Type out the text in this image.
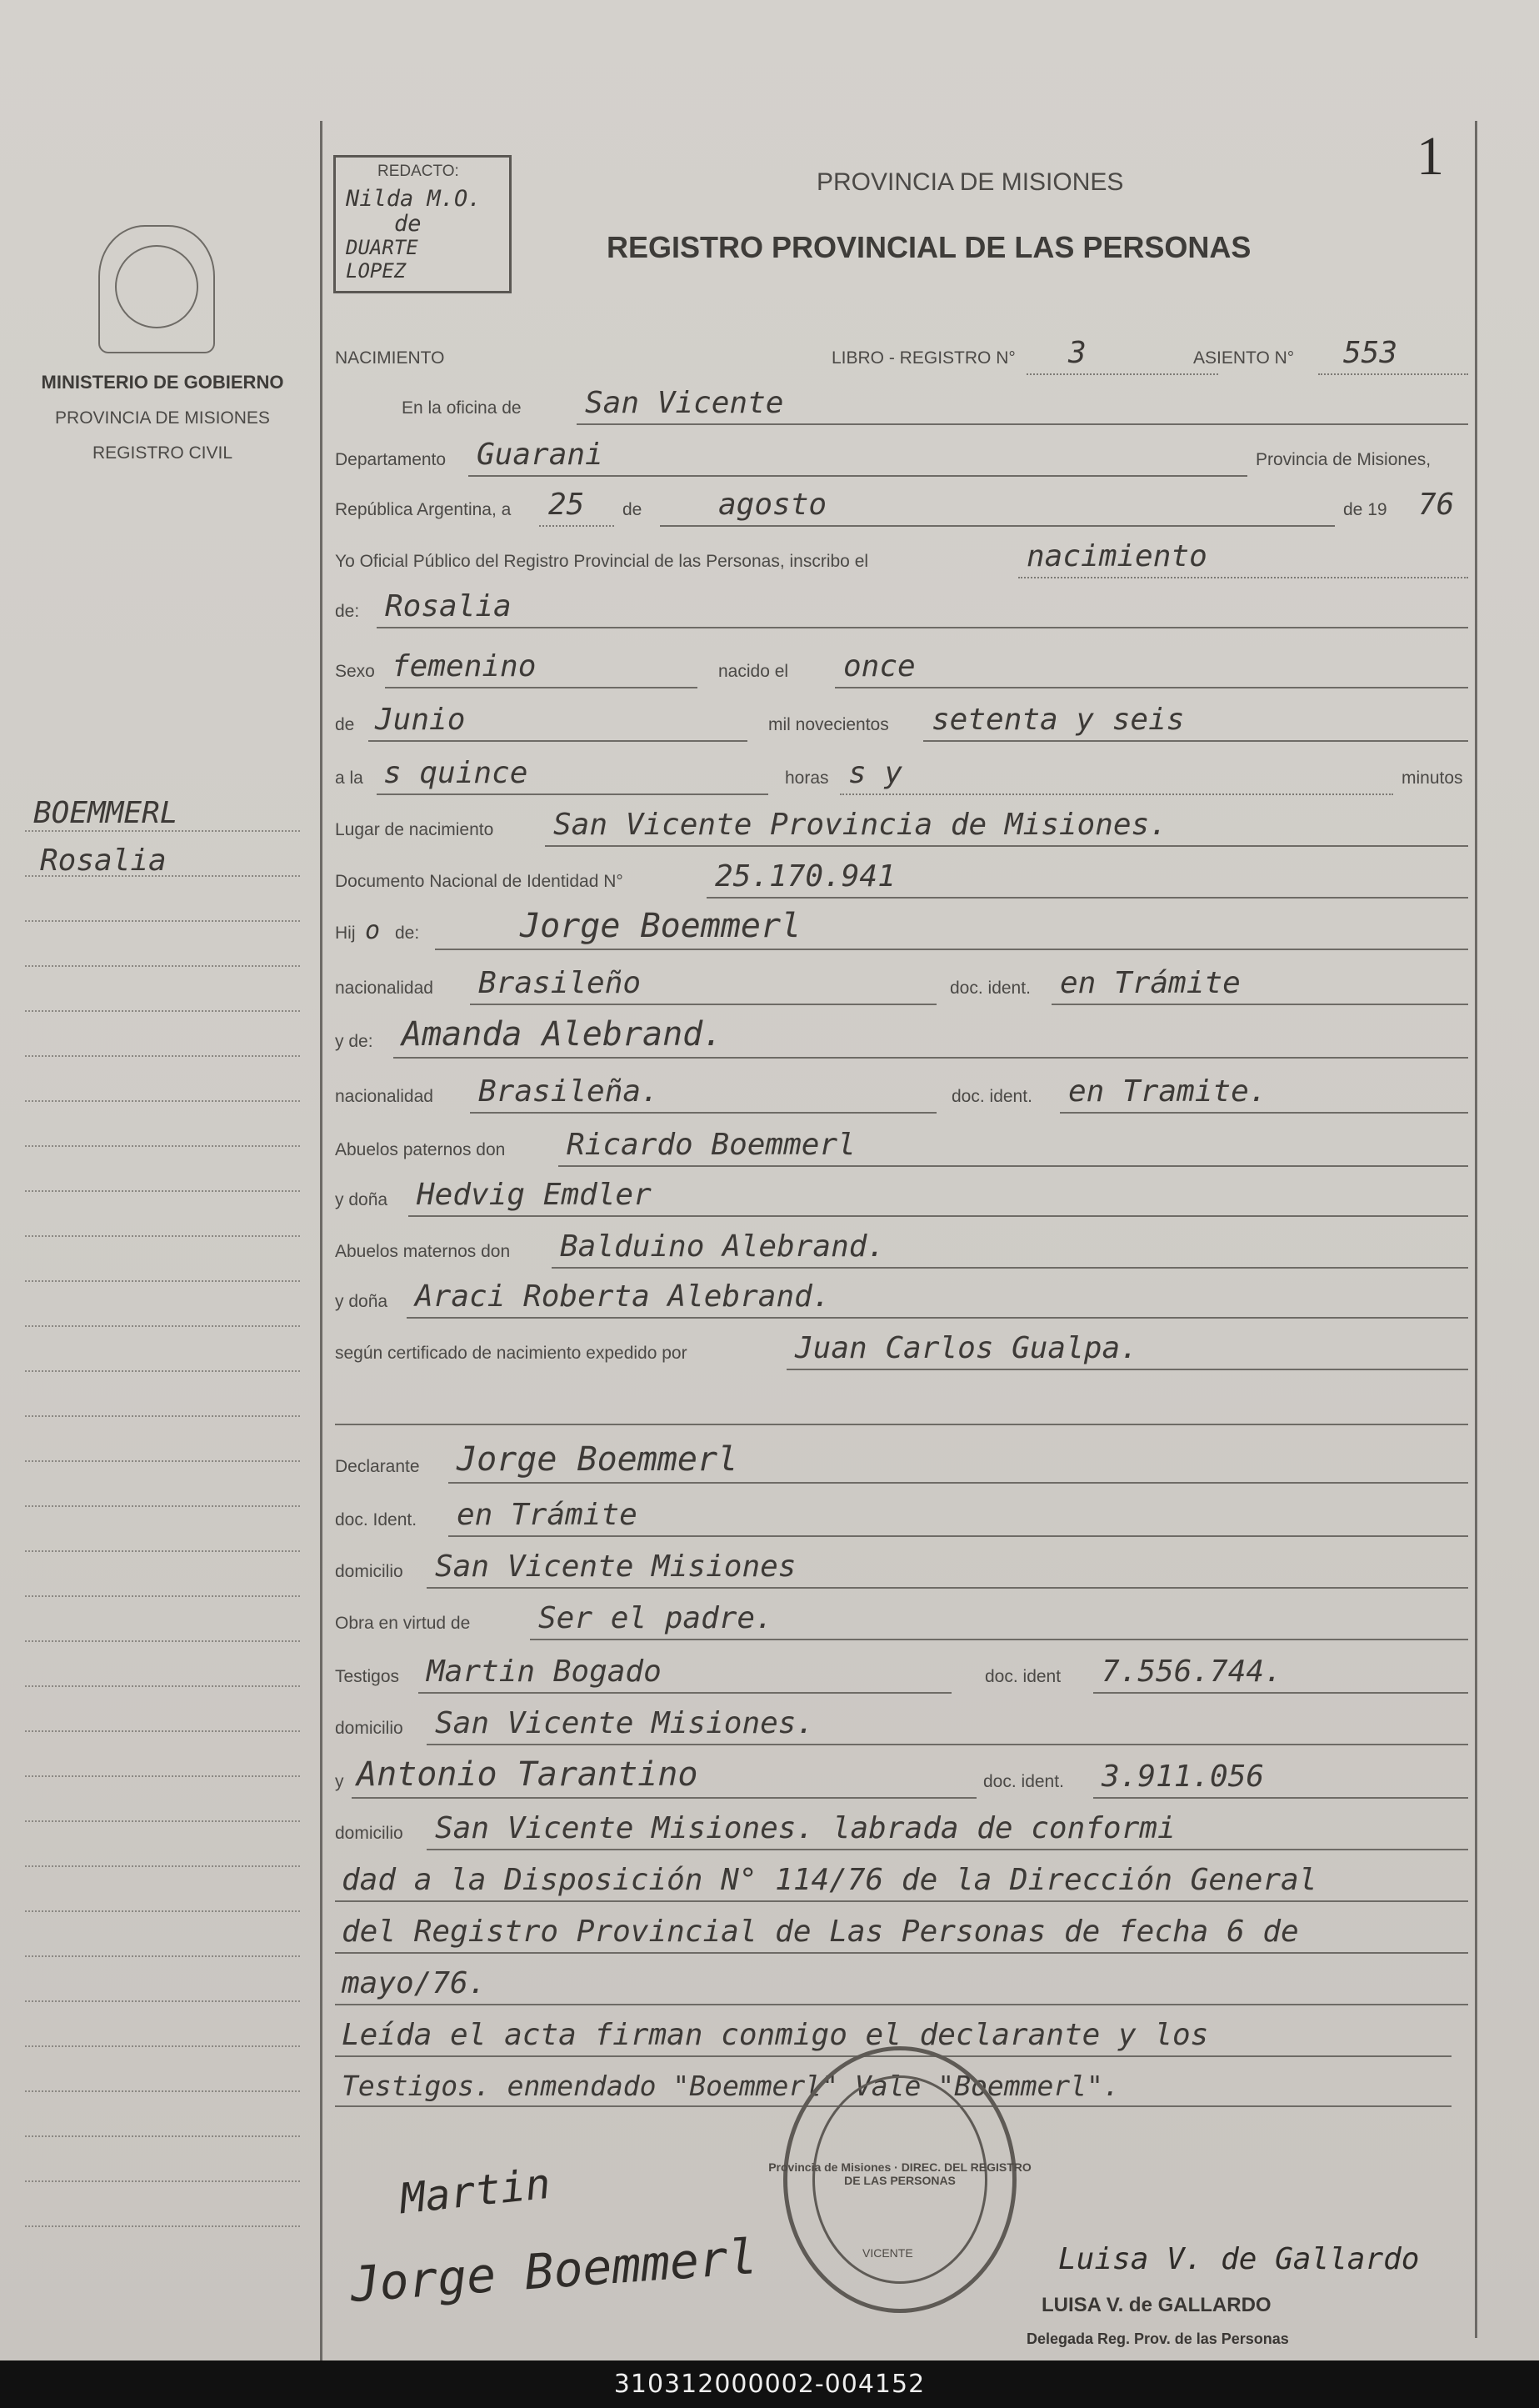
1
REDACTO:
Nilda M.O.
de
DUARTE
LOPEZ
PROVINCIA DE MISIONES
REGISTRO PROVINCIAL DE LAS PERSONAS
MINISTERIO DE GOBIERNO
PROVINCIA DE MISIONES
REGISTRO CIVIL
BOEMMERL
Rosalia
NACIMIENTO	LIBRO - REGISTRO N° 3	ASIENTO N° 553
En la oficina de San Vicente
Departamento Guarani	Provincia de Misiones,
República Argentina, a 25 de	agosto	de 19 76
Yo Oficial Público del Registro Provincial de las Personas, inscribo el	nacimiento
de: Rosalia
Sexo femenino	nacido el once
de Junio	mil novecientos setenta y seis
a la s quince	horas s y	minutos
Lugar de nacimiento San Vicente Provincia de Misiones.
Documento Nacional de Identidad N°	25.170.941
Hij o de:	Jorge Boemmerl
nacionalidad Brasileño	doc. ident. en Trámite
y de: Amanda Alebrand.
nacionalidad Brasileña.	doc. ident. en Tramite.
Abuelos paternos don Ricardo Boemmerl
y doña Hedvig Emdler
Abuelos maternos don Balduino Alebrand.
y doña Araci Roberta Alebrand.
según certificado de nacimiento expedido por	Juan Carlos Gualpa.
Declarante Jorge Boemmerl
doc. Ident. en Trámite
domicilio San Vicente Misiones
Obra en virtud de Ser el padre.
Testigos Martin Bogado	doc. ident 7.556.744.
domicilio San Vicente Misiones.
y Antonio Tarantino	doc. ident. 3.911.056
domicilio San Vicente Misiones. labrada de conformi
dad a la Disposición N° 114/76 de la Dirección General
del Registro Provincial de Las Personas de fecha 6 de
mayo/76.
Leída el acta firman conmigo el declarante y los
Testigos. enmendado "Boemmerl" Vale "Boemmerl".
Provincia de Misiones · DIREC. DEL REGISTRO DE LAS PERSONAS
VICENTE
Jorge Boemmerl
Martin
Luisa V. de Gallardo
LUISA V. de GALLARDO
Delegada Reg. Prov. de las Personas
310312000002-004152
